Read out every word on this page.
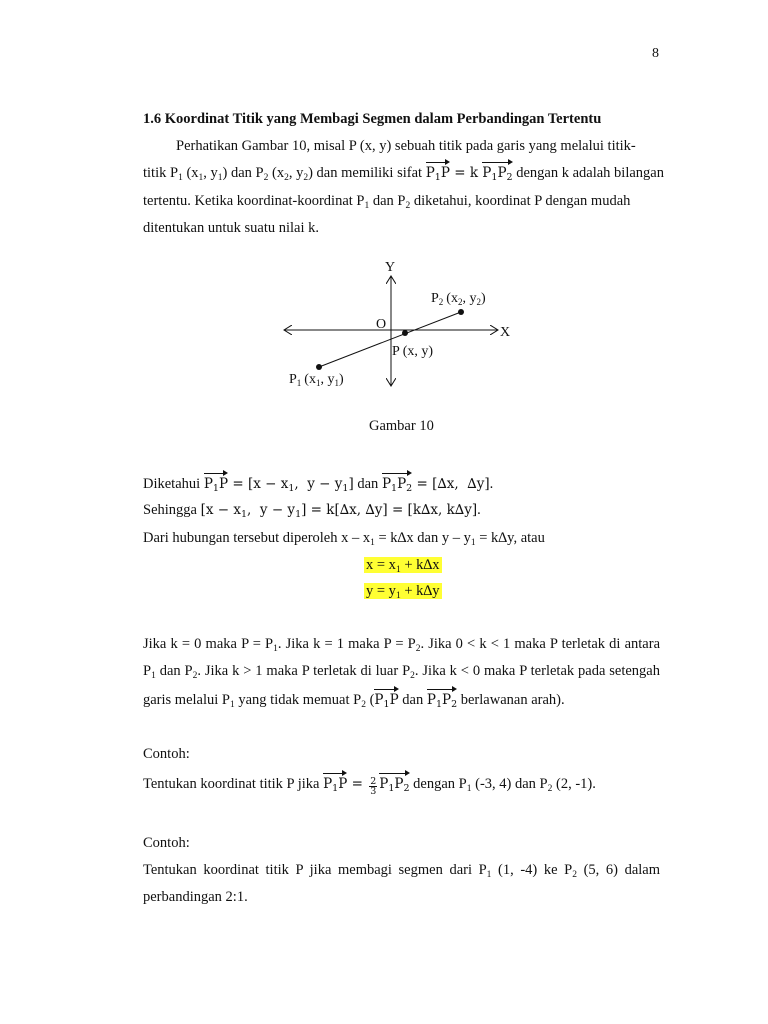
8
1.6 Koordinat Titik yang Membagi Segmen dalam Perbandingan Tertentu
Perhatikan Gambar 10, misal P (x, y) sebuah titik pada garis yang melalui titik-
titik $P_1$ ($x_1$, $y_1$) dan $P_2$ ($x_2$, $y_2$) dan memiliki sifat $P_1P = k$ $P_1P_2$ dengan k adalah bilangan
tertentu. Ketika koordinat-koordinat $P_1$ dan $P_2$ diketahui, koordinat P dengan mudah
ditentukan untuk suatu nilai k.
Y
X
O
$P_2$ ($x_2$, $y_2$)
P (x, y)
$P_1$ ($x_1$, $y_1$)
Gambar 10
Diketahui $P_1P = [x - x_1$,  $y - y_1$] dan $P_1P_2 = [\Delta x$,  ∆y].
Sehingga [$x - x_1$,  $y - y_1] = k[\Delta x$, ∆y] = [k∆x, k∆y].
Dari hubungan tersebut diperoleh $x - x_1 = k\Delta x$ dan $y - y_1 = k\Delta y$, atau
$x = x_1 + k\Delta x$
$y = y_1 + k\Delta y$
Jika k = 0 maka $P = P_1$. Jika k = 1 maka $P = P_2$. Jika 0 < k < 1 maka P terletak di antara
$P_1$ dan $P_2$. Jika k > 1 maka P terletak di luar $P_2$. Jika k < 0 maka P terletak pada setengah
garis melalui $P_1$ yang tidak memuat $P_2$ ($P_1P$ dan $P_1P_2$ berlawanan arah).
Contoh:
Tentukan koordinat titik P jika $P_1P = \frac{2}{3} P_1P_2$ dengan $P_1$ (-3, 4) dan $P_2$ (2, -1).
Contoh:
Tentukan koordinat titik P jika membagi segmen dari $P_1$ (1, -4) ke $P_2$ (5, 6) dalam
perbandingan 2:1.
